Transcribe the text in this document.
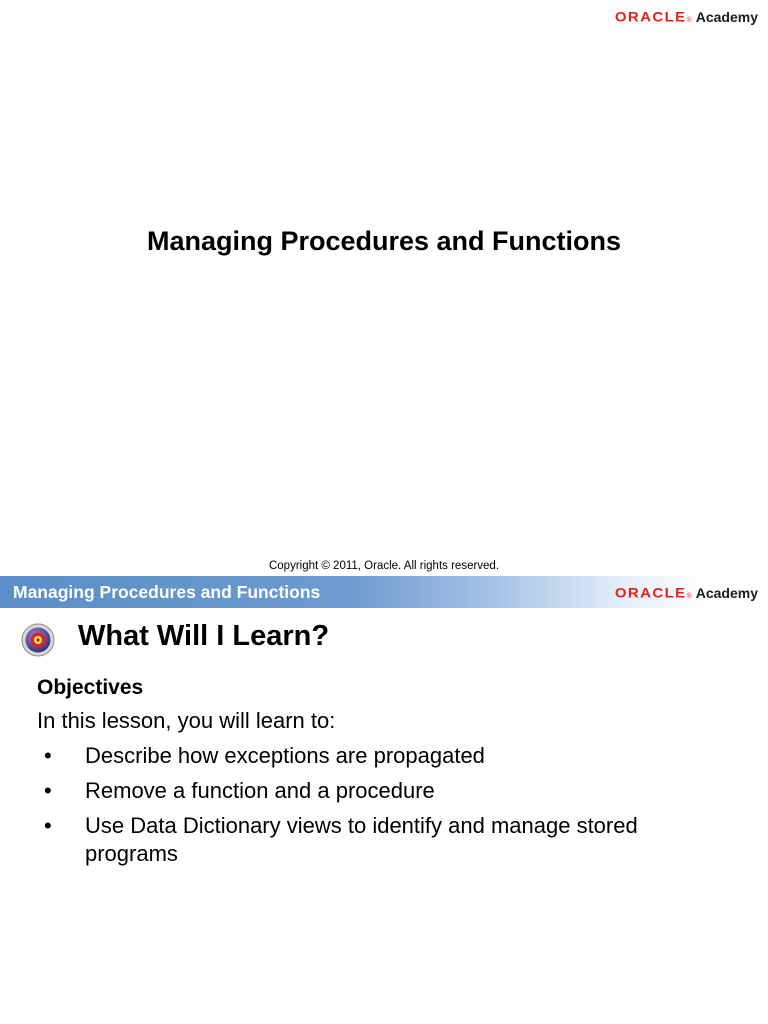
ORACLE ® Academy
Managing Procedures and Functions
Copyright © 2011, Oracle. All rights reserved.
Managing Procedures and Functions	ORACLE ® Academy
What Will I Learn?
Objectives
In this lesson, you will learn to:
• Describe how exceptions are propagated
• Remove a function and a procedure
• Use Data Dictionary views to identify and manage stored programs
